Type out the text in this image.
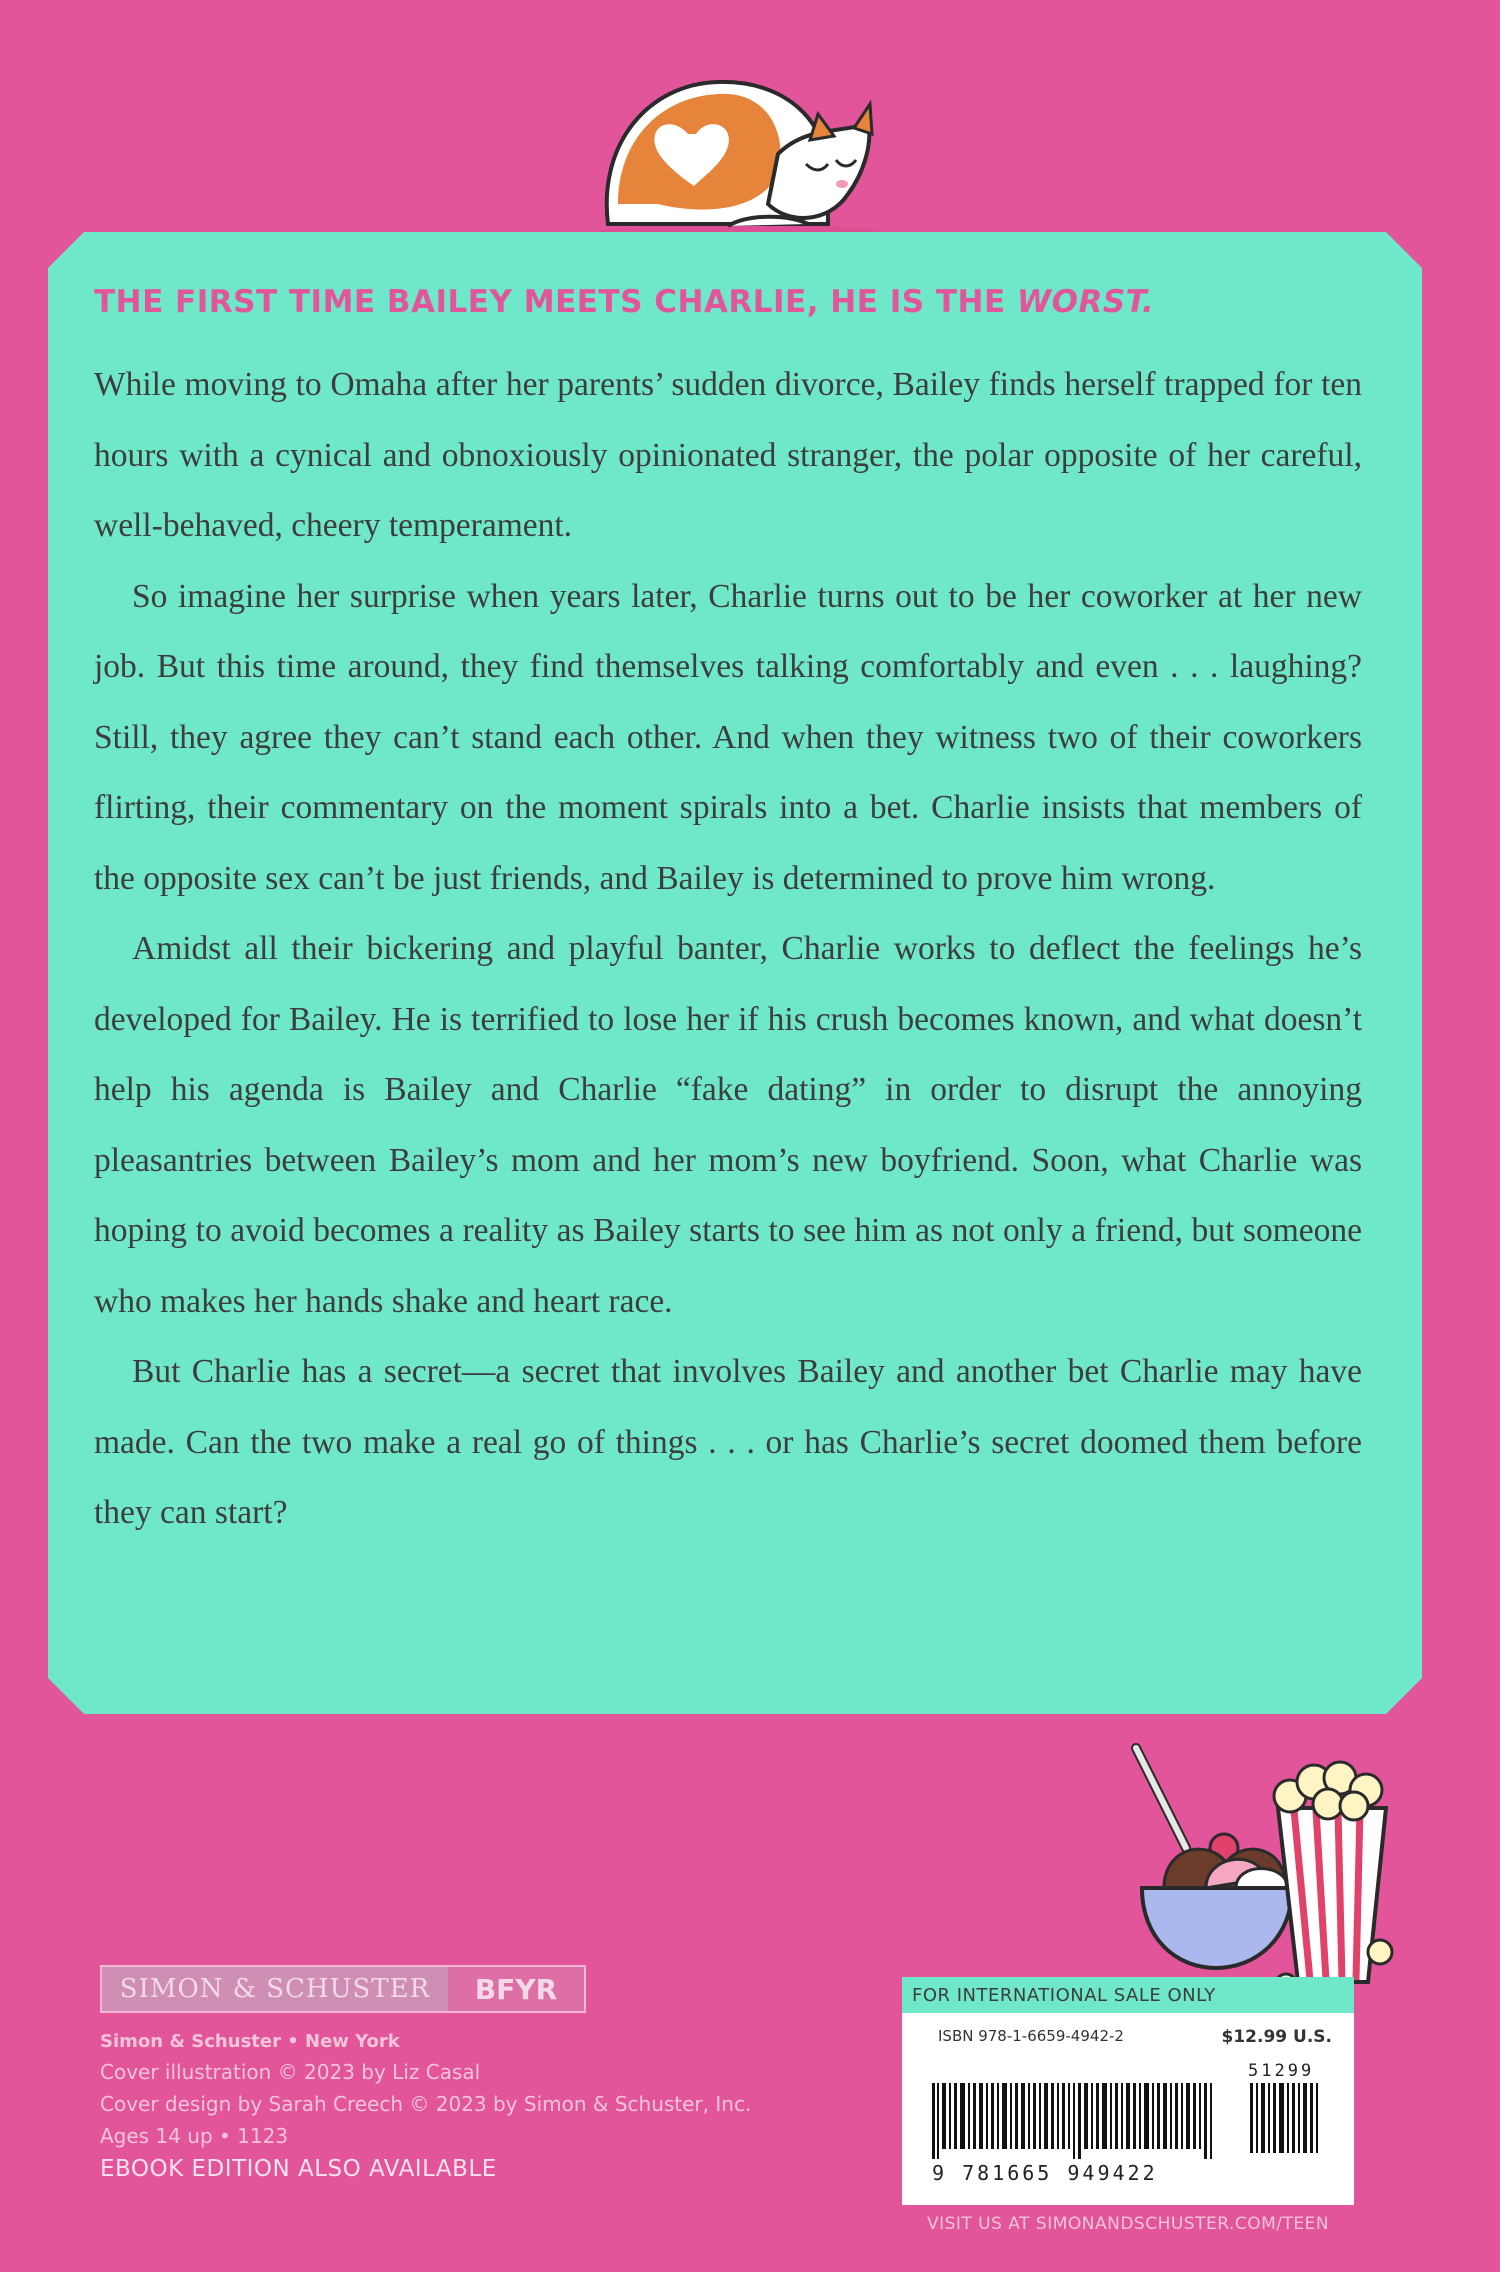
THE FIRST TIME BAILEY MEETS CHARLIE, HE IS THE WORST.

While moving to Omaha after her parents’ sudden divorce, Bailey finds herself trapped for ten hours with a cynical and obnoxiously opinionated stranger, the polar opposite of her careful, well-behaved, cheery temperament.

So imagine her surprise when years later, Charlie turns out to be her coworker at her new job. But this time around, they find themselves talking comfortably and even . . . laughing? Still, they agree they can’t stand each other. And when they witness two of their coworkers flirting, their commentary on the moment spirals into a bet. Charlie insists that members of the opposite sex can’t be just friends, and Bailey is determined to prove him wrong.

Amidst all their bickering and playful banter, Charlie works to deflect the feelings he’s developed for Bailey. He is terrified to lose her if his crush becomes known, and what doesn’t help his agenda is Bailey and Charlie “fake dating” in order to disrupt the annoying pleasantries between Bailey’s mom and her mom’s new boyfriend. Soon, what Charlie was hoping to avoid becomes a reality as Bailey starts to see him as not only a friend, but someone who makes her hands shake and heart race.

But Charlie has a secret—a secret that involves Bailey and another bet Charlie may have made. Can the two make a real go of things . . . or has Charlie’s secret doomed them before they can start?

SIMON & SCHUSTER	BFYR
Simon & Schuster • New York
Cover illustration © 2023 by Liz Casal
Cover design by Sarah Creech © 2023 by Simon & Schuster, Inc.
Ages 14 up • 1123
EBOOK EDITION ALSO AVAILABLE
FOR INTERNATIONAL SALE ONLY
ISBN 978-1-6659-4942-2	$12.99 U.S.
9 781665 949422
51299
VISIT US AT SIMONANDSCHUSTER.COM/TEEN
